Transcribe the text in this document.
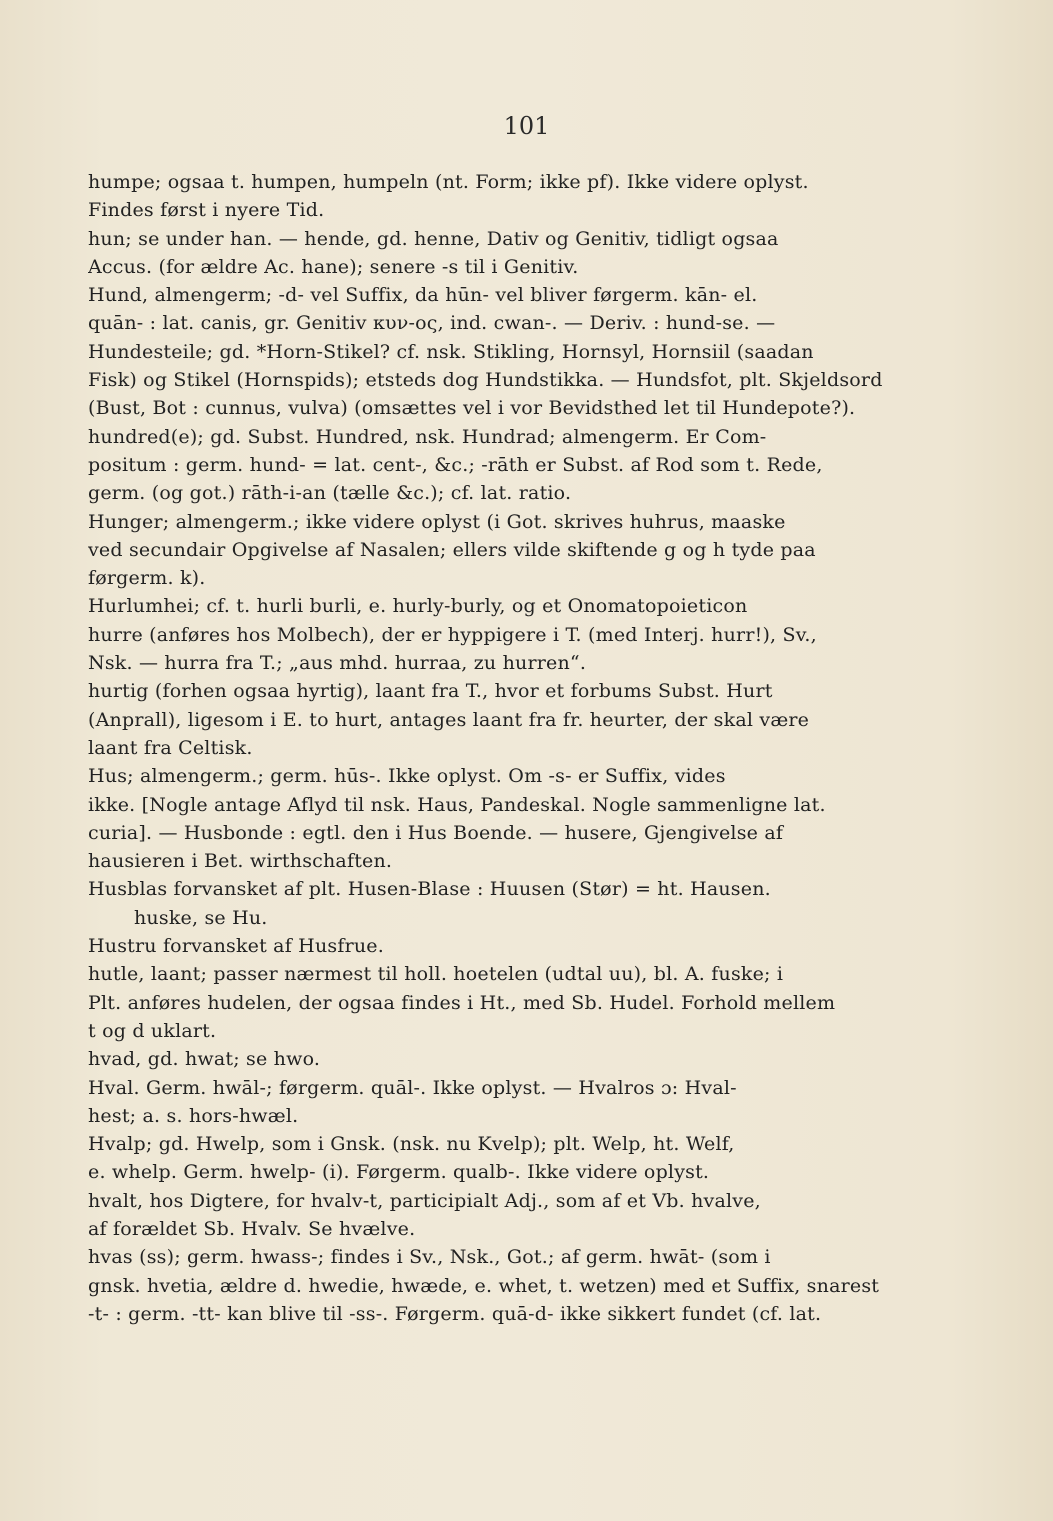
101
humpe; ogsaa t. humpen, humpeln (nt. Form; ikke pf). Ikke videre oplyst.
Findes først i nyere Tid.
hun; se under han. — hende, gd. henne, Dativ og Genitiv, tidligt ogsaa
Accus. (for ældre Ac. hane); senere -s til i Genitiv.
Hund, almengerm; -d- vel Suffix, da hūn- vel bliver førgerm. kān- el.
quān- : lat. canis, gr. Genitiv κυν-ος, ind. cwan-. — Deriv. : hund-se. —
Hundesteile; gd. *Horn-Stikel? cf. nsk. Stikling, Hornsyl, Hornsiil (saadan
Fisk) og Stikel (Hornspids); etsteds dog Hundstikka. — Hundsfot, plt. Skjeldsord
(Bust, Bot : cunnus, vulva) (omsættes vel i vor Bevidsthed let til Hundepote?).
hundred(e); gd. Subst. Hundred, nsk. Hundrad; almengerm. Er Com-
positum : germ. hund- = lat. cent-, &c.; -rāth er Subst. af Rod som t. Rede,
germ. (og got.) rāth-i-an (tælle &c.); cf. lat. ratio.
Hunger; almengerm.; ikke videre oplyst (i Got. skrives huhrus, maaske
ved secundair Opgivelse af Nasalen; ellers vilde skiftende g og h tyde paa
førgerm. k).
Hurlumhei; cf. t. hurli burli, e. hurly-burly, og et Onomatopoieticon
hurre (anføres hos Molbech), der er hyppigere i T. (med Interj. hurr!), Sv.,
Nsk. — hurra fra T.; „aus mhd. hurraa, zu hurren“.
hurtig (forhen ogsaa hyrtig), laant fra T., hvor et forbums Subst. Hurt
(Anprall), ligesom i E. to hurt, antages laant fra fr. heurter, der skal være
laant fra Celtisk.
Hus; almengerm.; germ. hūs-. Ikke oplyst. Om -s- er Suffix, vides
ikke. [Nogle antage Aflyd til nsk. Haus, Pandeskal. Nogle sammenligne lat.
curia]. — Husbonde : egtl. den i Hus Boende. — husere, Gjengivelse af
hausieren i Bet. wirthschaften.
Husblas forvansket af plt. Husen-Blase : Huusen (Stør) = ht. Hausen.
huske, se Hu.
Hustru forvansket af Husfrue.
hutle, laant; passer nærmest til holl. hoetelen (udtal uu), bl. A. fuske; i
Plt. anføres hudelen, der ogsaa findes i Ht., med Sb. Hudel. Forhold mellem
t og d uklart.
hvad, gd. hwat; se hwo.
Hval. Germ. hwāl-; førgerm. quāl-. Ikke oplyst. — Hvalros ɔ: Hval-
hest; a. s. hors-hwæl.
Hvalp; gd. Hwelp, som i Gnsk. (nsk. nu Kvelp); plt. Welp, ht. Welf,
e. whelp. Germ. hwelp- (i). Førgerm. qualb-. Ikke videre oplyst.
hvalt, hos Digtere, for hvalv-t, participialt Adj., som af et Vb. hvalve,
af forældet Sb. Hvalv. Se hvælve.
hvas (ss); germ. hwass-; findes i Sv., Nsk., Got.; af germ. hwāt- (som i
gnsk. hvetia, ældre d. hwedie, hwæde, e. whet, t. wetzen) med et Suffix, snarest
-t- : germ. -tt- kan blive til -ss-. Førgerm. quā-d- ikke sikkert fundet (cf. lat.
